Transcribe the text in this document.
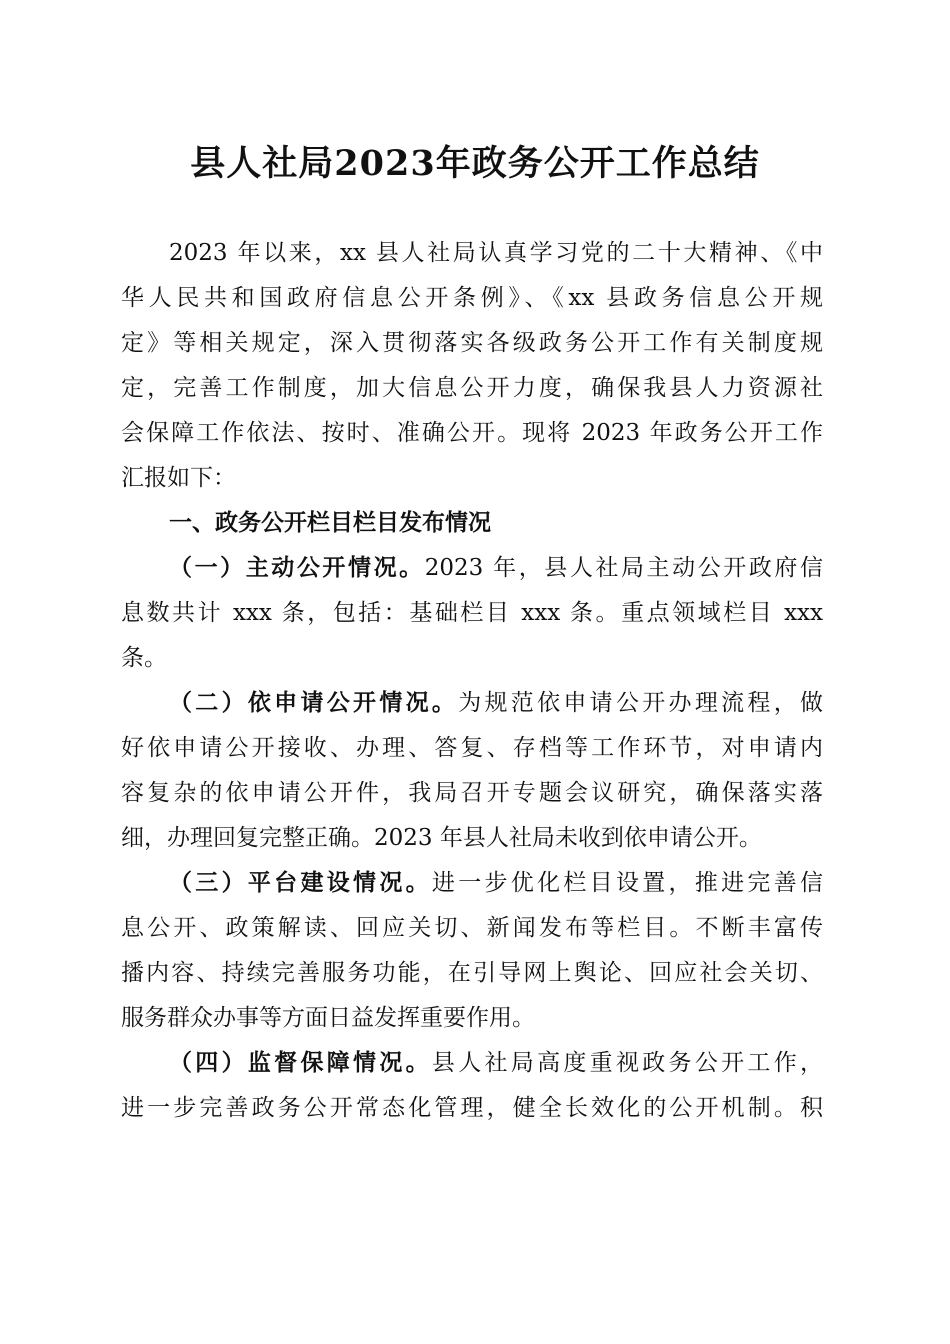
县人社局2023年政务公开工作总结
2023 年以来，xx 县人社局认真学习党的二十大精神、《中
华人民共和国政府信息公开条例》、《xx 县政务信息公开规
定》等相关规定，深入贯彻落实各级政务公开工作有关制度规
定，完善工作制度，加大信息公开力度，确保我县人力资源社
会保障工作依法、按时、准确公开。现将 2023 年政务公开工作
汇报如下：
一、政务公开栏目栏目发布情况
（一）主动公开情况。2023 年，县人社局主动公开政府信
息数共计 xxx 条，包括：基础栏目 xxx 条。重点领域栏目 xxx
条。
（二）依申请公开情况。为规范依申请公开办理流程，做
好依申请公开接收、办理、答复、存档等工作环节，对申请内
容复杂的依申请公开件，我局召开专题会议研究，确保落实落
细，办理回复完整正确。2023 年县人社局未收到依申请公开。
（三）平台建设情况。进一步优化栏目设置，推进完善信
息公开、政策解读、回应关切、新闻发布等栏目。不断丰富传
播内容、持续完善服务功能，在引导网上舆论、回应社会关切、
服务群众办事等方面日益发挥重要作用。
（四）监督保障情况。县人社局高度重视政务公开工作，
进一步完善政务公开常态化管理，健全长效化的公开机制。积
